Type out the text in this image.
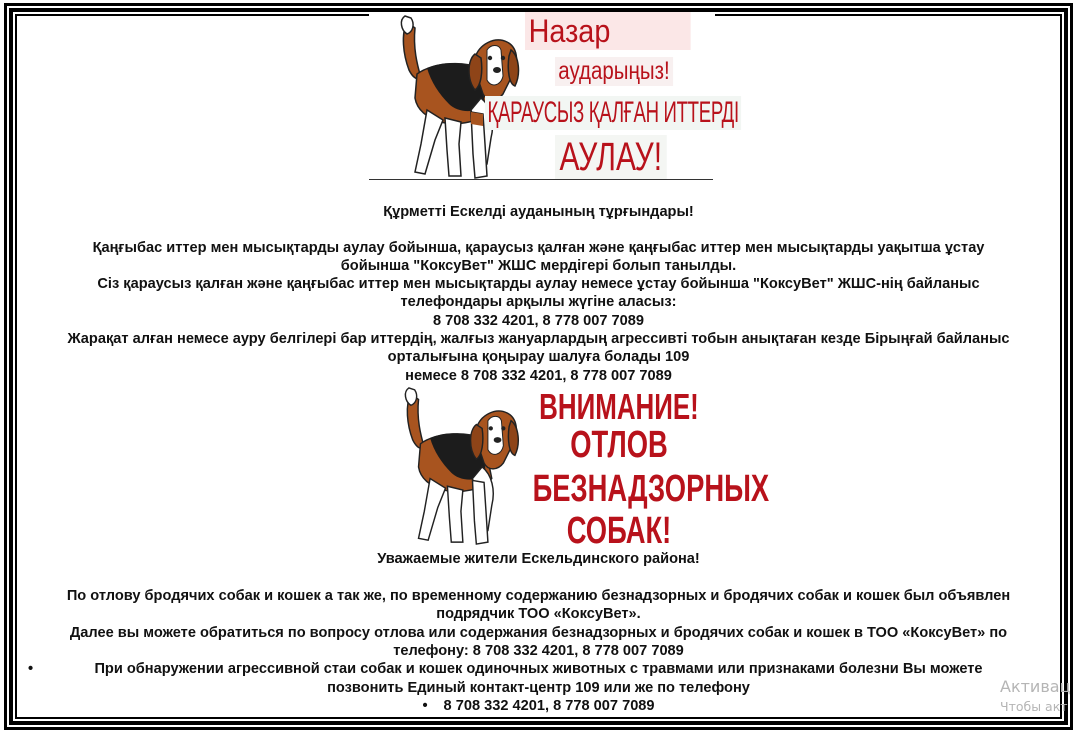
Назар
аударыңыз!
ҚАРАУСЫЗ ҚАЛҒАН ИТТЕРДІ
АУЛАУ!
Құрметті Ескелді ауданының тұрғындары!
Қаңғыбас иттер мен мысықтарды аулау бойынша, қараусыз қалған және қаңғыбас иттер мен мысықтарды уақытша ұстау
бойынша "КоксуВет" ЖШС мердігері болып танылды.
Сіз қараусыз қалған және қаңғыбас иттер мен мысықтарды аулау немесе ұстау бойынша "КоксуВет" ЖШС-нің байланыс
телефондары арқылы жүгіне аласыз:
8 708 332 4201, 8 778 007 7089
Жарақат алған немесе ауру белгілері бар иттердің, жалғыз жануарлардың агрессивті тобын анықтаған кезде Бірыңғай байланыс
орталығына қоңырау шалуға болады 109
немесе 8 708 332 4201, 8 778 007 7089
ВНИМАНИЕ!
ОТЛОВ
БЕЗНАДЗОРНЫХ
СОБАК!
Уважаемые жители Ескельдинского района!
По отлову бродячих собак и кошек а так же, по временному содержанию безнадзорных и бродячих собак и кошек был объявлен
подрядчик ТОО «КоксуВет».
Далее вы можете обратиться по вопросу отлова или содержания безнадзорных и бродячих собак и кошек в ТОО «КоксуВет» по
телефону: 8 708 332 4201, 8 778 007 7089
•	При обнаружении агрессивной стаи собак и кошек одиночных животных с травмами или признаками болезни Вы можете
позвонить Единый контакт-центр 109 или же по телефону
• 8 708 332 4201, 8 778 007 7089
Активац
Чтобы акт
